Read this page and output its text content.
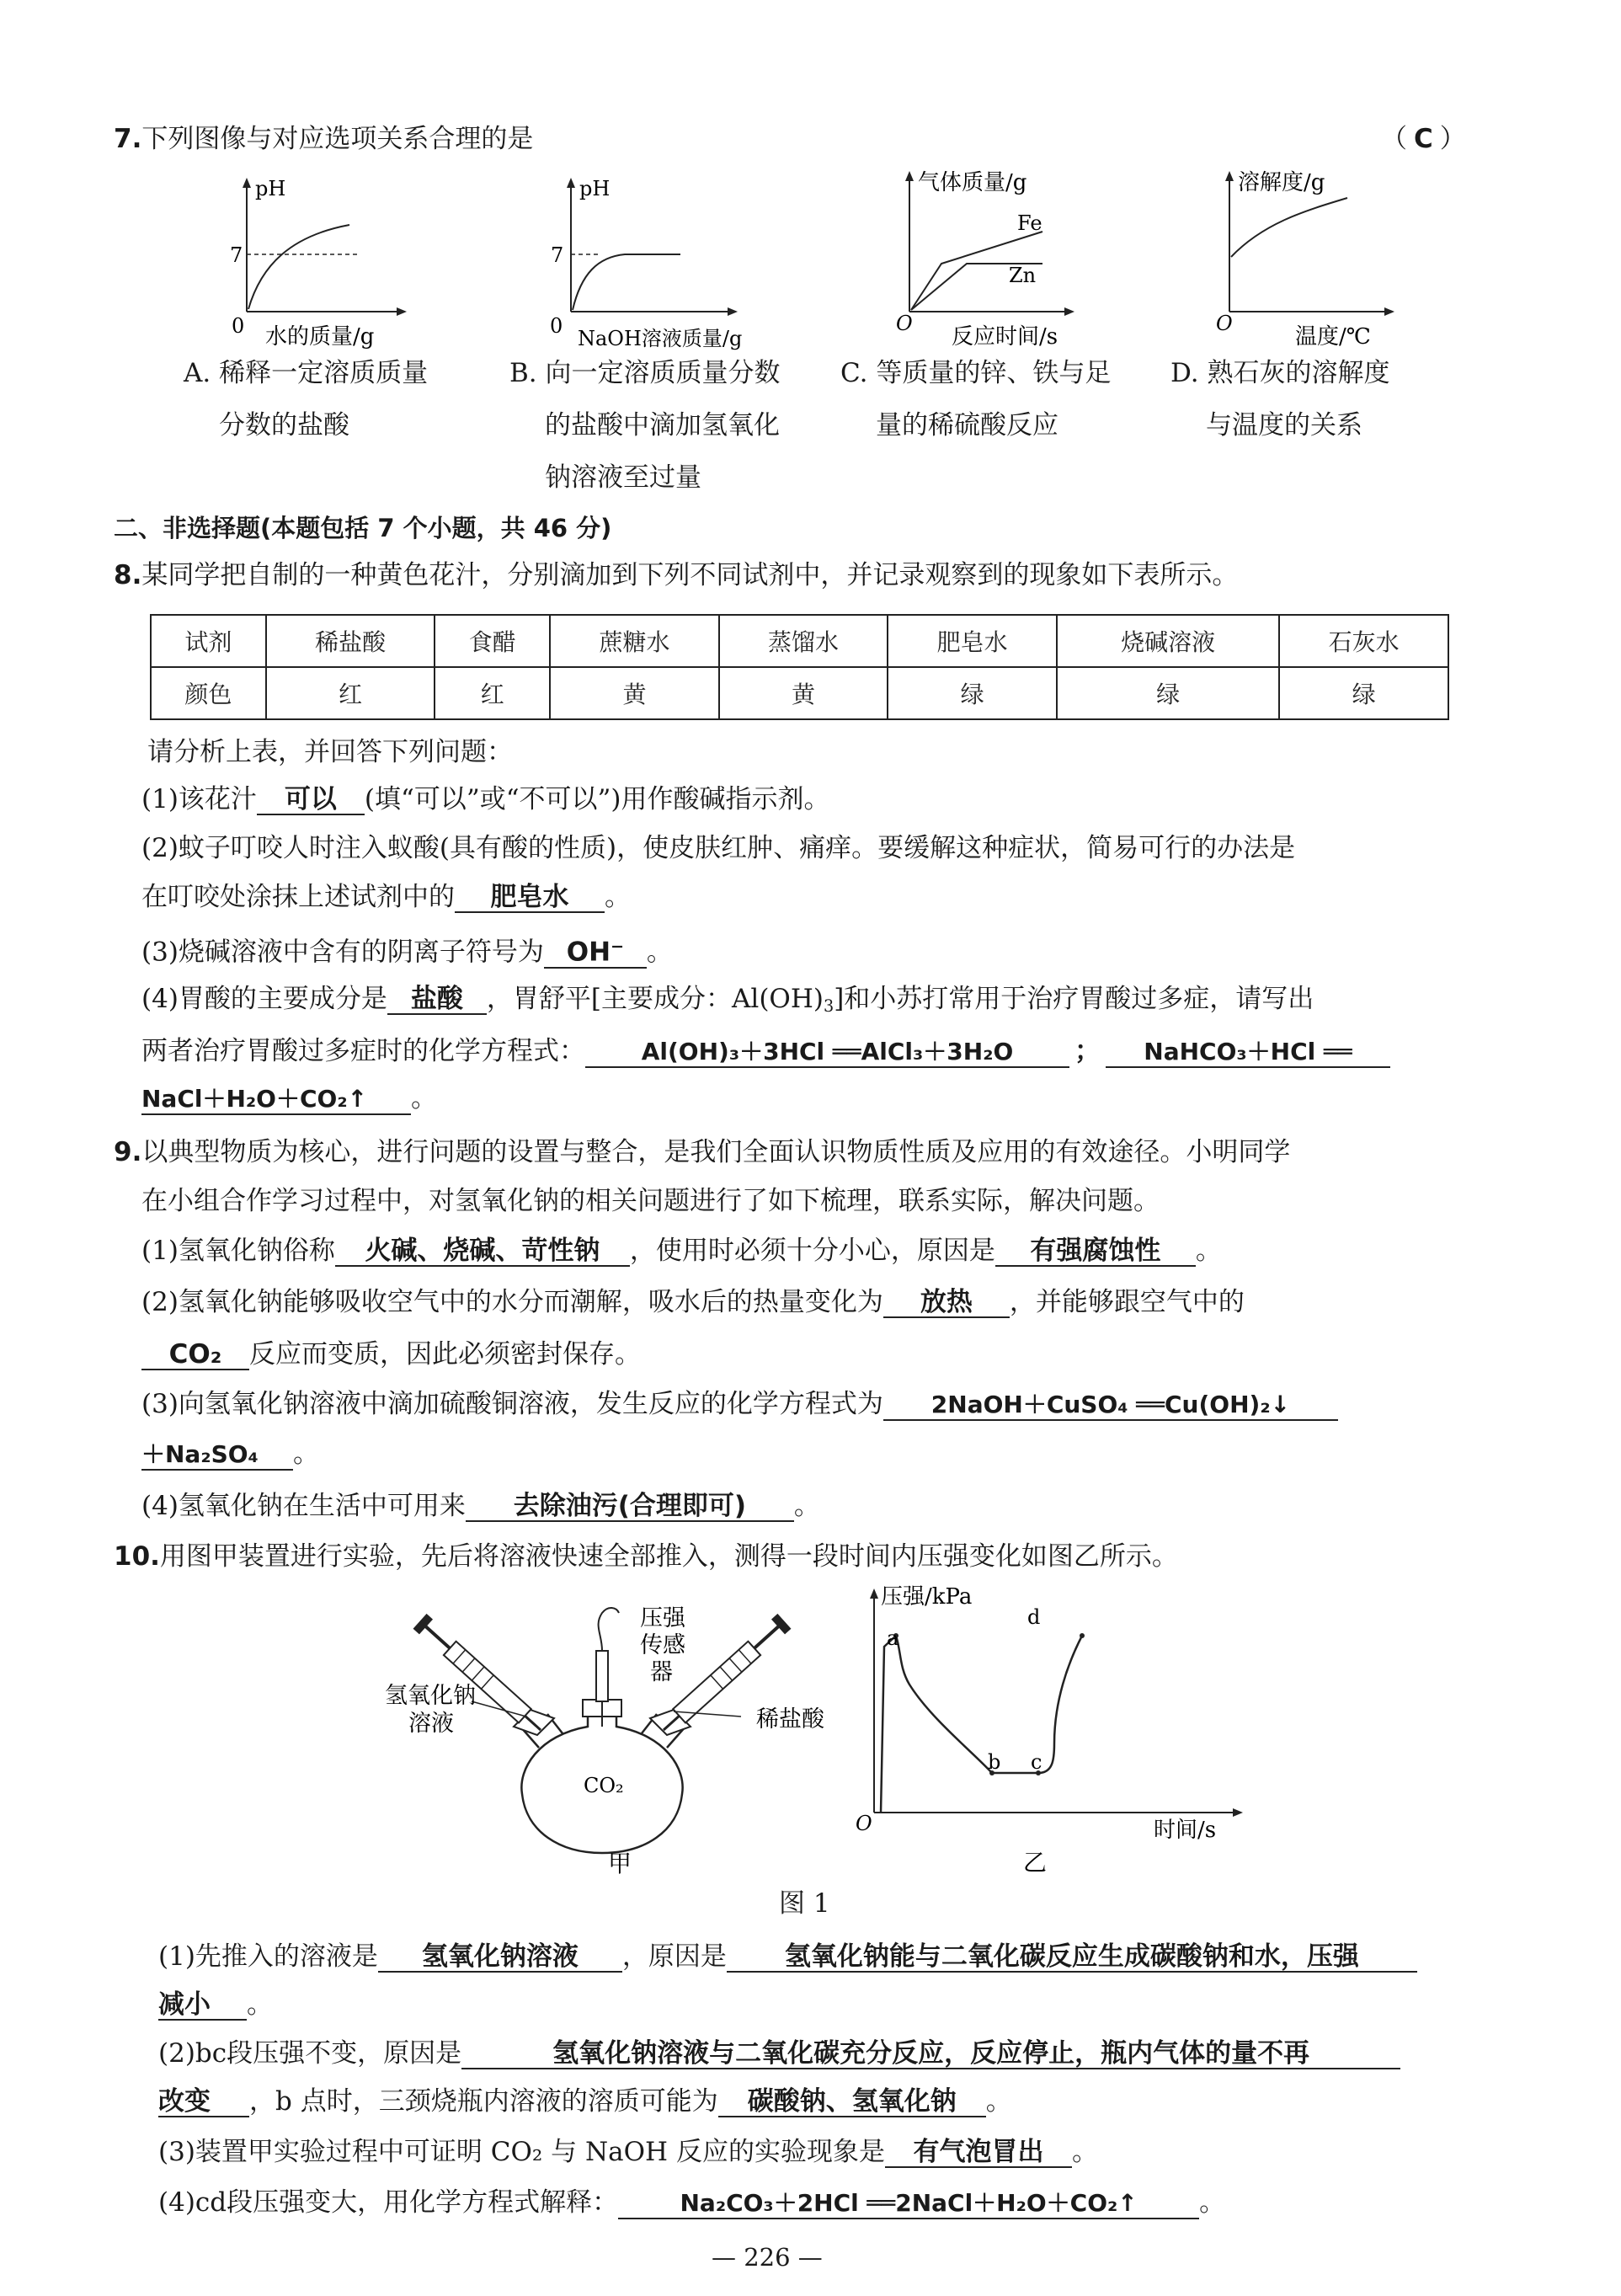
7.下列图像与对应选项关系合理的是	（ C ）
pH
7
0 水的质量/g
pH
7
0
NaOH溶液质量/g
气体质量/g
Fe
Zn
O
反应时间/s
溶解度/g
O
温度/℃
A. 稀释一定溶质质量
分数的盐酸
B. 向一定溶质质量分数
的盐酸中滴加氢氧化
钠溶液至过量
C. 等质量的锌、铁与足
量的稀硫酸反应
D. 熟石灰的溶解度
与温度的关系
二、非选择题(本题包括 7 个小题，共 46 分)
8.某同学把自制的一种黄色花汁，分别滴加到下列不同试剂中，并记录观察到的现象如下表所示。
试剂	稀盐酸	食醋	蔗糖水	蒸馏水	肥皂水	烧碱溶液	石灰水
颜色	红	红	黄	黄	绿	绿	绿
请分析上表，并回答下列问题：
(1)该花汁 可以 (填“可以”或“不可以”)用作酸碱指示剂。
(2)蚊子叮咬人时注入蚁酸(具有酸的性质)，使皮肤红肿、痛痒。要缓解这种症状，简易可行的办法是
在叮咬处涂抹上述试剂中的 肥皂水 。
(3)烧碱溶液中含有的阴离子符号为 OH− 。
(4)胃酸的主要成分是 盐酸 ，胃舒平[主要成分：$Al(OH)_3$]和小苏打常用于治疗胃酸过多症，请写出
两者治疗胃酸过多症时的化学方程式： Al(OH)₃＋3HCl ══AlCl₃＋3H₂O ； NaHCO₃＋HCl ══
NaCl＋H₂O＋CO₂↑ 。
9.以典型物质为核心，进行问题的设置与整合，是我们全面认识物质性质及应用的有效途径。小明同学
在小组合作学习过程中，对氢氧化钠的相关问题进行了如下梳理，联系实际，解决问题。
(1)氢氧化钠俗称 火碱、烧碱、苛性钠 ，使用时必须十分小心，原因是 有强腐蚀性 。
(2)氢氧化钠能够吸收空气中的水分而潮解，吸水后的热量变化为 放热 ，并能够跟空气中的
CO₂ 反应而变质，因此必须密封保存。
(3)向氢氧化钠溶液中滴加硫酸铜溶液，发生反应的化学方程式为 2NaOH＋CuSO₄ ══Cu(OH)₂↓
＋Na₂SO₄ 。
(4)氢氧化钠在生活中可用来 去除油污(合理即可) 。
10.用图甲装置进行实验，先后将溶液快速全部推入，测得一段时间内压强变化如图乙所示。
压强
传感
器
氢氧化钠
溶液	稀盐酸
CO₂
甲
压强/kPa
a
d
b c
O	时间/s
乙
图 1
(1)先推入的溶液是 氢氧化钠溶液 ，原因是 氢氧化钠能与二氧化碳反应生成碳酸钠和水，压强
减小 。
(2)bc段压强不变，原因是	氢氧化钠溶液与二氧化碳充分反应，反应停止，瓶内气体的量不再
改变 ，b 点时，三颈烧瓶内溶液的溶质可能为 碳酸钠、氢氧化钠 。
(3)装置甲实验过程中可证明 CO₂ 与 NaOH 反应的实验现象是 有气泡冒出 。
(4)cd段压强变大，用化学方程式解释：	Na₂CO₃＋2HCl ══2NaCl＋H₂O＋CO₂↑ 。
— 226 —
